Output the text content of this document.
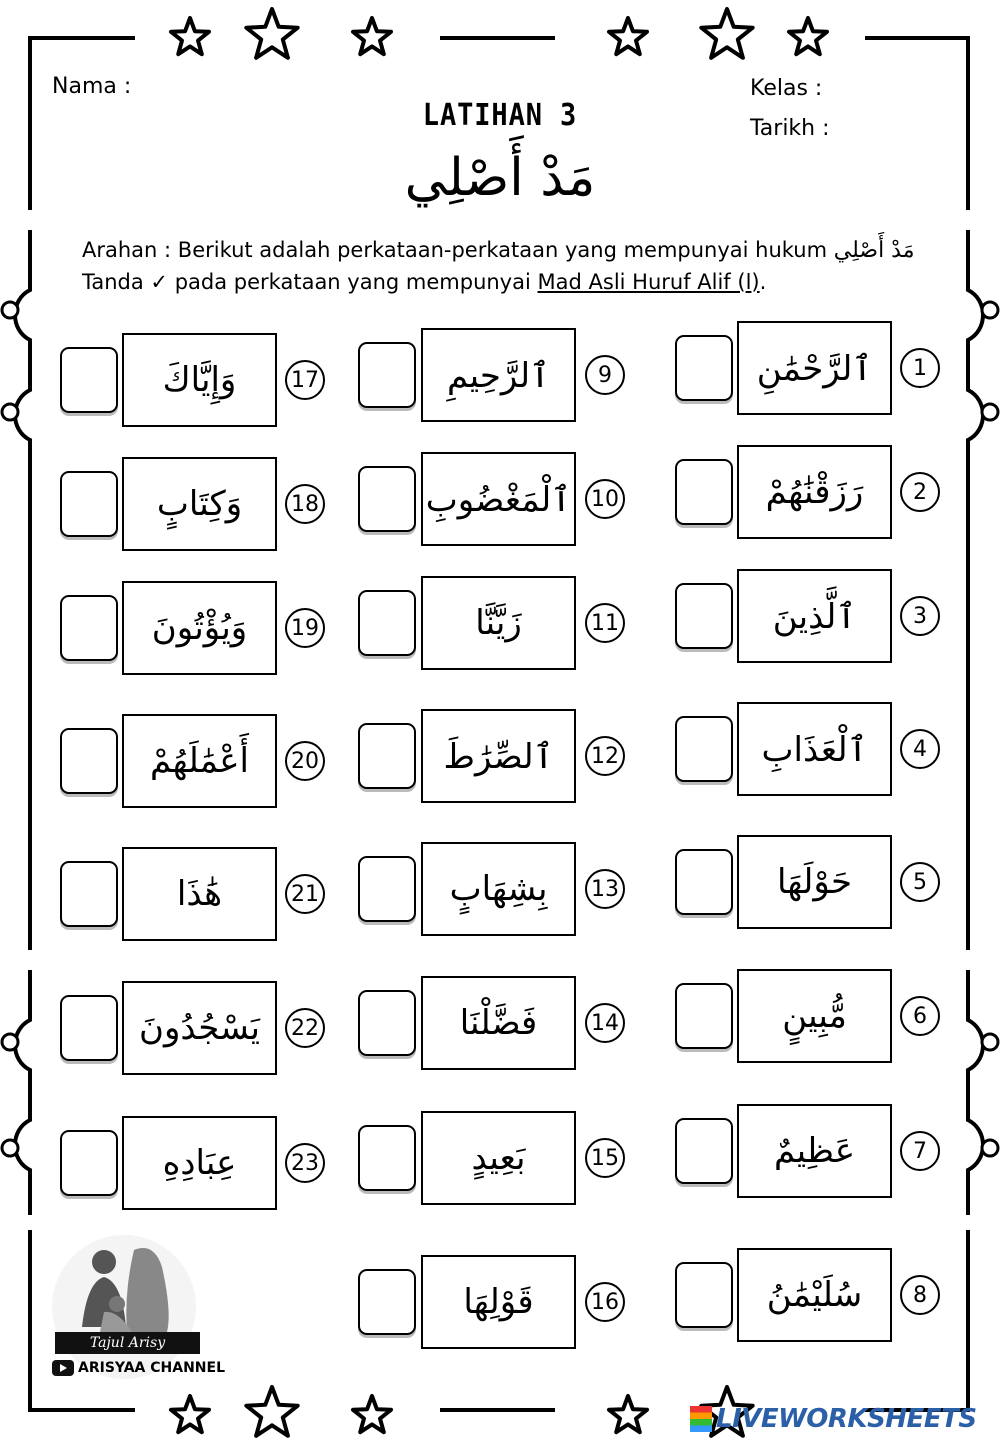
Nama :	Kelas :
Tarikh :
LATIHAN 3
مَدْ أَصْلِي
Arahan : Berikut adalah perkataan-perkataan yang mempunyai hukum مَدْ أَصْلِي
Tanda ✓ pada perkataan yang mempunyai Mad Asli Huruf Alif (ا).
ٱلرَّحْمَٰنِ	1
رَزَقْنَٰهُمْ	2
ٱلَّذِينَ	3
ٱلْعَذَابِ	4
حَوْلَهَا	5
مُّبِينٍ	6
عَظِيمٌ	7
سُلَيْمَٰنُ	8
ٱلرَّحِيمِ	9
ٱلْمَغْضُوبِ 10
زَيَّنَّا	11
ٱلصِّرَٰطَ 12
بِشِهَابٍ 13
فَضَّلْنَا 14
بَعِيدٍ	15
قَوْلِهَا	16
وَإِيَّاكَ 17
وَكِتَابٍ 18
وَيُؤْتُونَ 19
أَعْمَٰلَهُمْ 20
هَٰذَا	21
يَسْجُدُونَ 22
عِبَادِهِ 23
Tajul Arisy
ARISYAA CHANNEL
LIVEWORKSHEETS
